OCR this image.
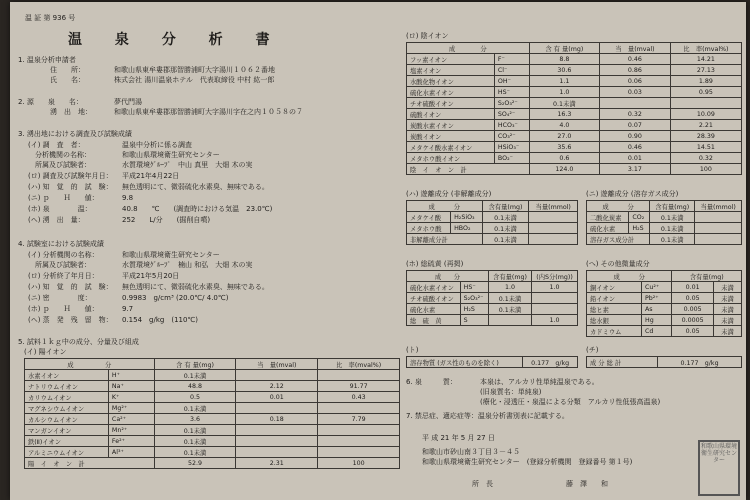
温 証 第 936 号
温 泉 分 析 書
1. 温泉分析申請者
住　　所：	和歌山県東牟婁郡那智勝浦町大字湯川１０６２番地
氏　　名：	株式会社 湯川温泉ホテル　代表取締役 中村 紘一郎
2. 源　　泉　　名：	夢代門湯
湧　出　地：	和歌山県東牟婁郡那智勝浦町大字湯川字在之内１０５８の７
3. 湧出地における調査及び試験成績
(イ) 調　査　者：	温泉中分析に係る調査
　分析機関の名称：	和歌山県環境衛生研究センター
　所属及び試験者：	水質環境ｸﾞﾙｰﾌﾟ　中山 真里　大畑 木の実
(ロ) 調査及び試験年月日： 平成21年4月22日
(ハ) 知　覚　的　試　験： 無色透明にて、微弱硫化水素臭、無味である。
(ニ) ｐ　　Ｈ　　値：	9.8
(ホ) 泉　　　　温：	40.8　　℃　　(調査時における気温　23.0℃)
(ヘ) 湧　出　量：	252　　L/分　　(掘削自噴)
4. 試験室における試験成績
(イ) 分析機関の名称：	和歌山県環境衛生研究センター
　所属及び試験者：	水質環境ｸﾞﾙｰﾌﾟ　楠山 和弘　大畑 木の実
(ロ) 分析終了年月日：	平成21年5月20日
(ハ) 知　覚　的　試　験： 無色透明にて、微弱硫化水素臭、無味である。
(ニ) 密　　　　度：	0.9983　g/cm³ (20.0℃/ 4.0℃)
(ホ) ｐ　　Ｈ　　値：	9.7
(ヘ) 蒸　発　残　留　物： 0.154　g/kg　(110℃)
5. 試料１ｋｇ中の成分、分量及び組成
(イ) 陽イオン
成　　　　　分		含 有 量(mg)	当　量(mval)	比　率(mval%)
水素イオン	H⁺	0.1未満		
ナトリウムイオン	Na⁺	48.8	2.12	91.77
カリウムイオン	K⁺	0.5	0.01	0.43
マグネシウムイオン	Mg²⁺	0.1未満		
カルシウムイオン	Ca²⁺	3.6	0.18	7.79
マンガンイオン	Mn²⁺	0.1未満		
鉄(Ⅱ)イオン	Fe²⁺	0.1未満		
アルミニウムイオン	Al³⁺	0.1未満		
陽　イ　オ　ン　計		52.9	2.31	100
(ロ) 陰イオン
成　　　　分		含 有 量(mg)	当　量(mval)	比　率(mval%)
フッ素イオン	F⁻	8.8	0.46	14.21
塩素イオン	Cl⁻	30.6	0.86	27.13
水酸化物イオン	OH⁻	1.1	0.06	1.89
硫化水素イオン	HS⁻	1.0	0.03	0.95
チオ硫酸イオン	S₂O₃²⁻	0.1未満		
硫酸イオン	SO₄²⁻	16.3	0.32	10.09
炭酸水素イオン	HCO₃⁻	4.0	0.07	2.21
炭酸イオン	CO₃²⁻	27.0	0.90	28.39
メタケイ酸水素イオン	HSiO₃⁻	35.6	0.46	14.51
メタホウ酸イオン	BO₂⁻	0.6	0.01	0.32
陰　イ　オ　ン　計		124.0	3.17	100
(ハ) 遊離成分 (非解離成分)
成　　　分		含有量(mg)	当量(mmol)
メタケイ酸	H₂SiO₃	0.1未満	
メタホウ酸	HBO₂	0.1未満	
非解離成分計		0.1未満	
(ニ) 遊離成分 (溶存ガス成分)
成　　　分		含有量(mg)	当量(mmol)
二酸化炭素	CO₂	0.1未満	
硫化水素	H₂S	0.1未満	
溶存ガス成分計		0.1未満	
(ホ) 総硫黄 (再掲)
成　　分		含有量(mg)	(内S分(mg))
硫化水素イオン	HS⁻	1.0	1.0
チオ硫酸イオン	S₂O₃²⁻	0.1未満	
硫化水素	H₂S	0.1未満	
総　硫　黄	S		1.0
(へ) その他微量成分
成　　　分		含有量(mg)	
銅イオン	Cu²⁺	0.01	未満
鉛イオン	Pb²⁺	0.05	未満
総ヒ素	As	0.005	未満
総水銀	Hg	0.0005	未満
カドミウム	Cd	0.05	未満
(ト)
溶存物質 (ガス性のものを除く)	0.177　g/kg
(チ)
成 分 総 計	0.177　g/kg
6. 泉　　　質：	本泉は、アルカリ性単純温泉である。
(旧泉質名：単純泉)
(療化・浸透圧・泉温による分類　アルカリ性低張高温泉)
7. 禁忌症、適応症等：温泉分析書別表に記載する。
平 成 21 年 5 月 27 日
和歌山市砂山南３丁目３－４５
和歌山県環境衛生研究センター　(登録分析機関　登録番号 第１号)
所　長	藤　澤　　和
和歌山県環境衛生研究センター
